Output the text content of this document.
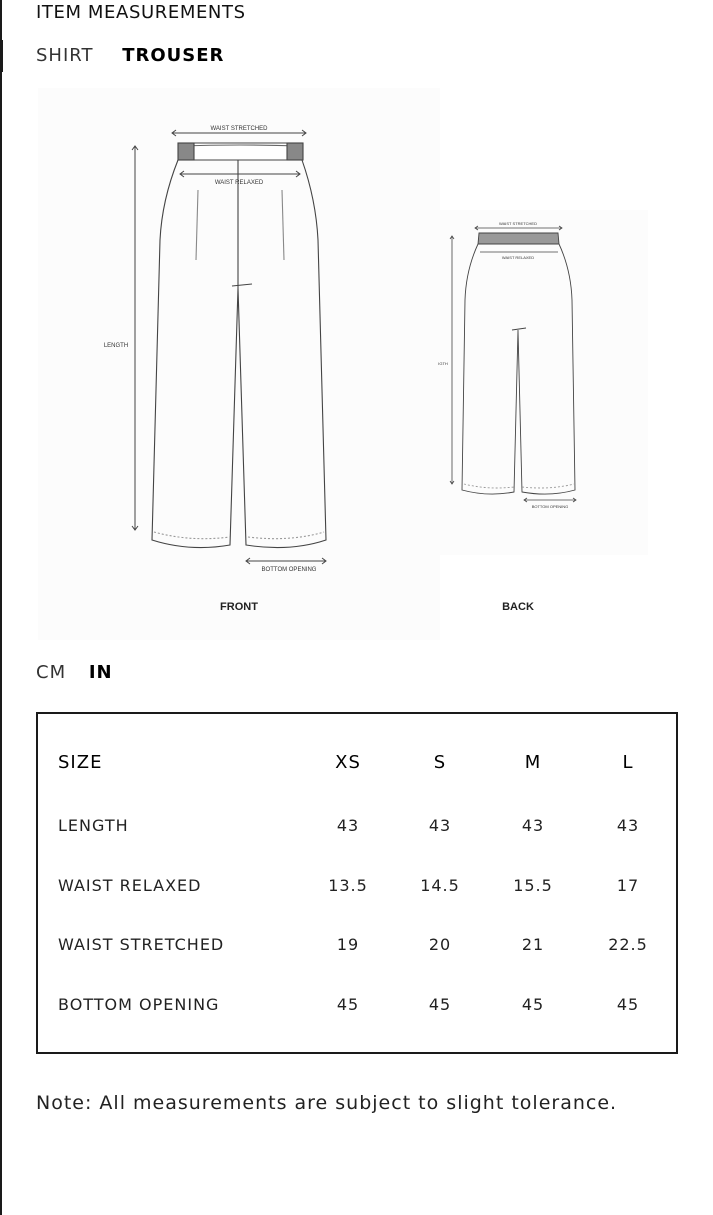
ITEM MEASUREMENTS
SHIRT TROUSER
WAIST STRETCHED
WAIST RELAXED
LENGTH
BOTTOM OPENING
FRONT
WAIST STRETCHED
WAIST RELAXED
IGTH
BOTTOM OPENING
BACK
CM IN
SIZE	XS	S	M	L
LENGTH	43	43	43	43
WAIST RELAXED	13.5	14.5	15.5	17
WAIST STRETCHED	19	20	21	22.5
BOTTOM OPENING	45	45	45	45
Note: All measurements are subject to slight tolerance.
